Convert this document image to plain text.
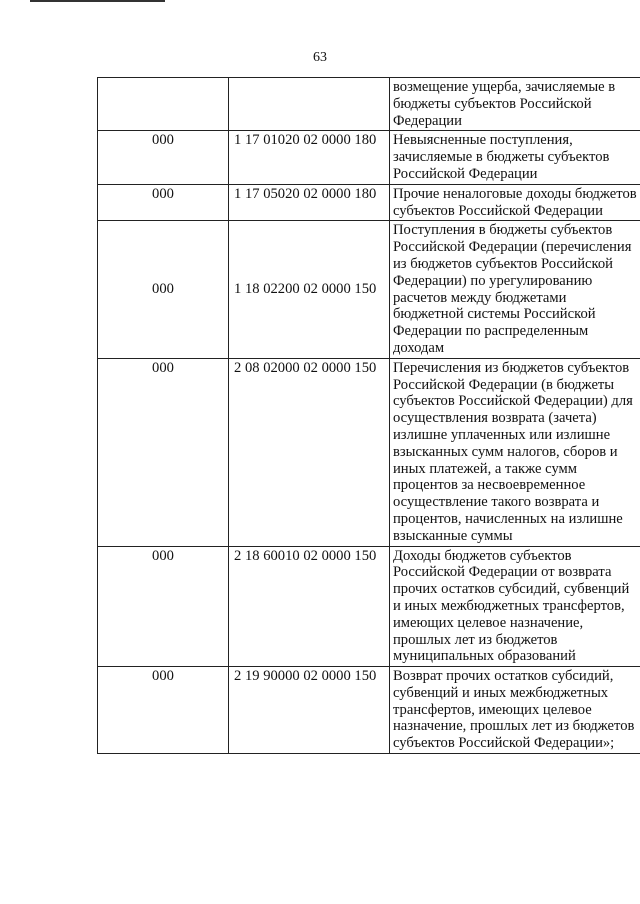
63
		возмещение ущерба, зачисляемые в бюджеты субъектов Российской Федерации
000	1 17 01020 02 0000 180	Невыясненные поступления, зачисляемые в бюджеты субъектов Российской Федерации
000	1 17 05020 02 0000 180	Прочие неналоговые доходы бюджетов субъектов Российской Федерации
000	1 18 02200 02 0000 150	Поступления в бюджеты субъектов Российской Федерации (перечисления из бюджетов субъектов Российской Федерации) по урегулированию расчетов между бюджетами бюджетной системы Российской Федерации по распределенным доходам
000	2 08 02000 02 0000 150	Перечисления из бюджетов субъектов Российской Федерации (в бюджеты субъектов Российской Федерации) для осуществления возврата (зачета) излишне уплаченных или излишне взысканных сумм налогов, сборов и иных платежей, а также сумм процентов за несвоевременное осуществление такого возврата и процентов, начисленных на излишне взысканные суммы
000	2 18 60010 02 0000 150	Доходы бюджетов субъектов Российской Федерации от возврата прочих остатков субсидий, субвенций и иных межбюджетных трансфертов, имеющих целевое назначение, прошлых лет из бюджетов муниципальных образований
000	2 19 90000 02 0000 150	Возврат прочих остатков субсидий, субвенций и иных межбюджетных трансфертов, имеющих целевое назначение, прошлых лет из бюджетов субъектов Российской Федерации»;
